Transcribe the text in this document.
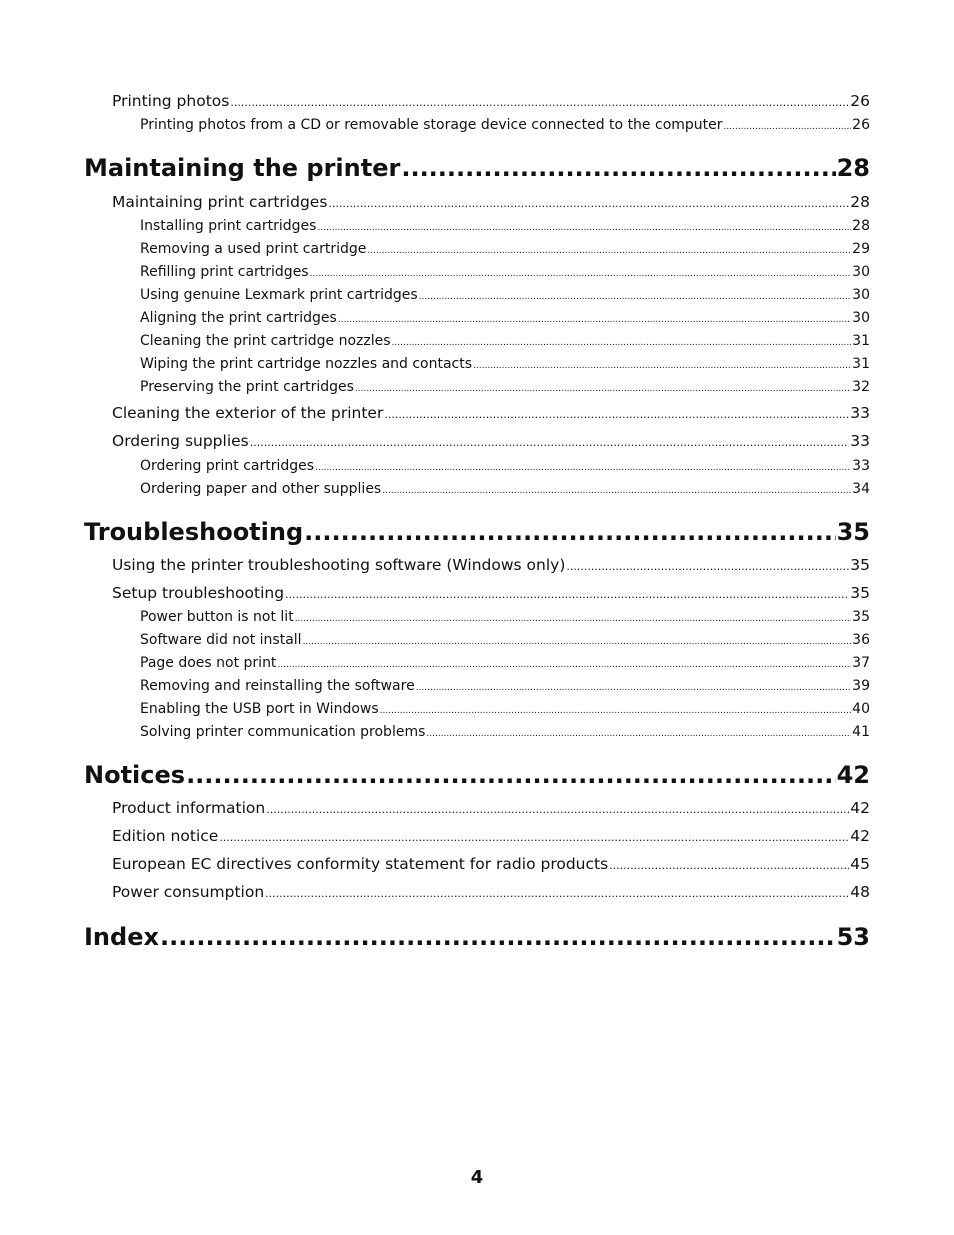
Printing photos .....	26
Printing photos from a CD or removable storage device connected to the computer .....	26
Maintaining the printer .....	28
Maintaining print cartridges .....	28
Installing print cartridges .....	28
Removing a used print cartridge .....	29
Refilling print cartridges .....	30
Using genuine Lexmark print cartridges .....	30
Aligning the print cartridges .....	30
Cleaning the print cartridge nozzles .....	31
Wiping the print cartridge nozzles and contacts .....	31
Preserving the print cartridges .....	32
Cleaning the exterior of the printer .....	33
Ordering supplies .....	33
Ordering print cartridges .....	33
Ordering paper and other supplies .....	34
Troubleshooting .....	35
Using the printer troubleshooting software (Windows only) .....	35
Setup troubleshooting .....	35
Power button is not lit .....	35
Software did not install .....	36
Page does not print .....	37
Removing and reinstalling the software .....	39
Enabling the USB port in Windows .....	40
Solving printer communication problems .....	41
Notices .....	42
Product information .....	42
Edition notice .....	42
European EC directives conformity statement for radio products .....	45
Power consumption .....	48
Index .....	53
4
